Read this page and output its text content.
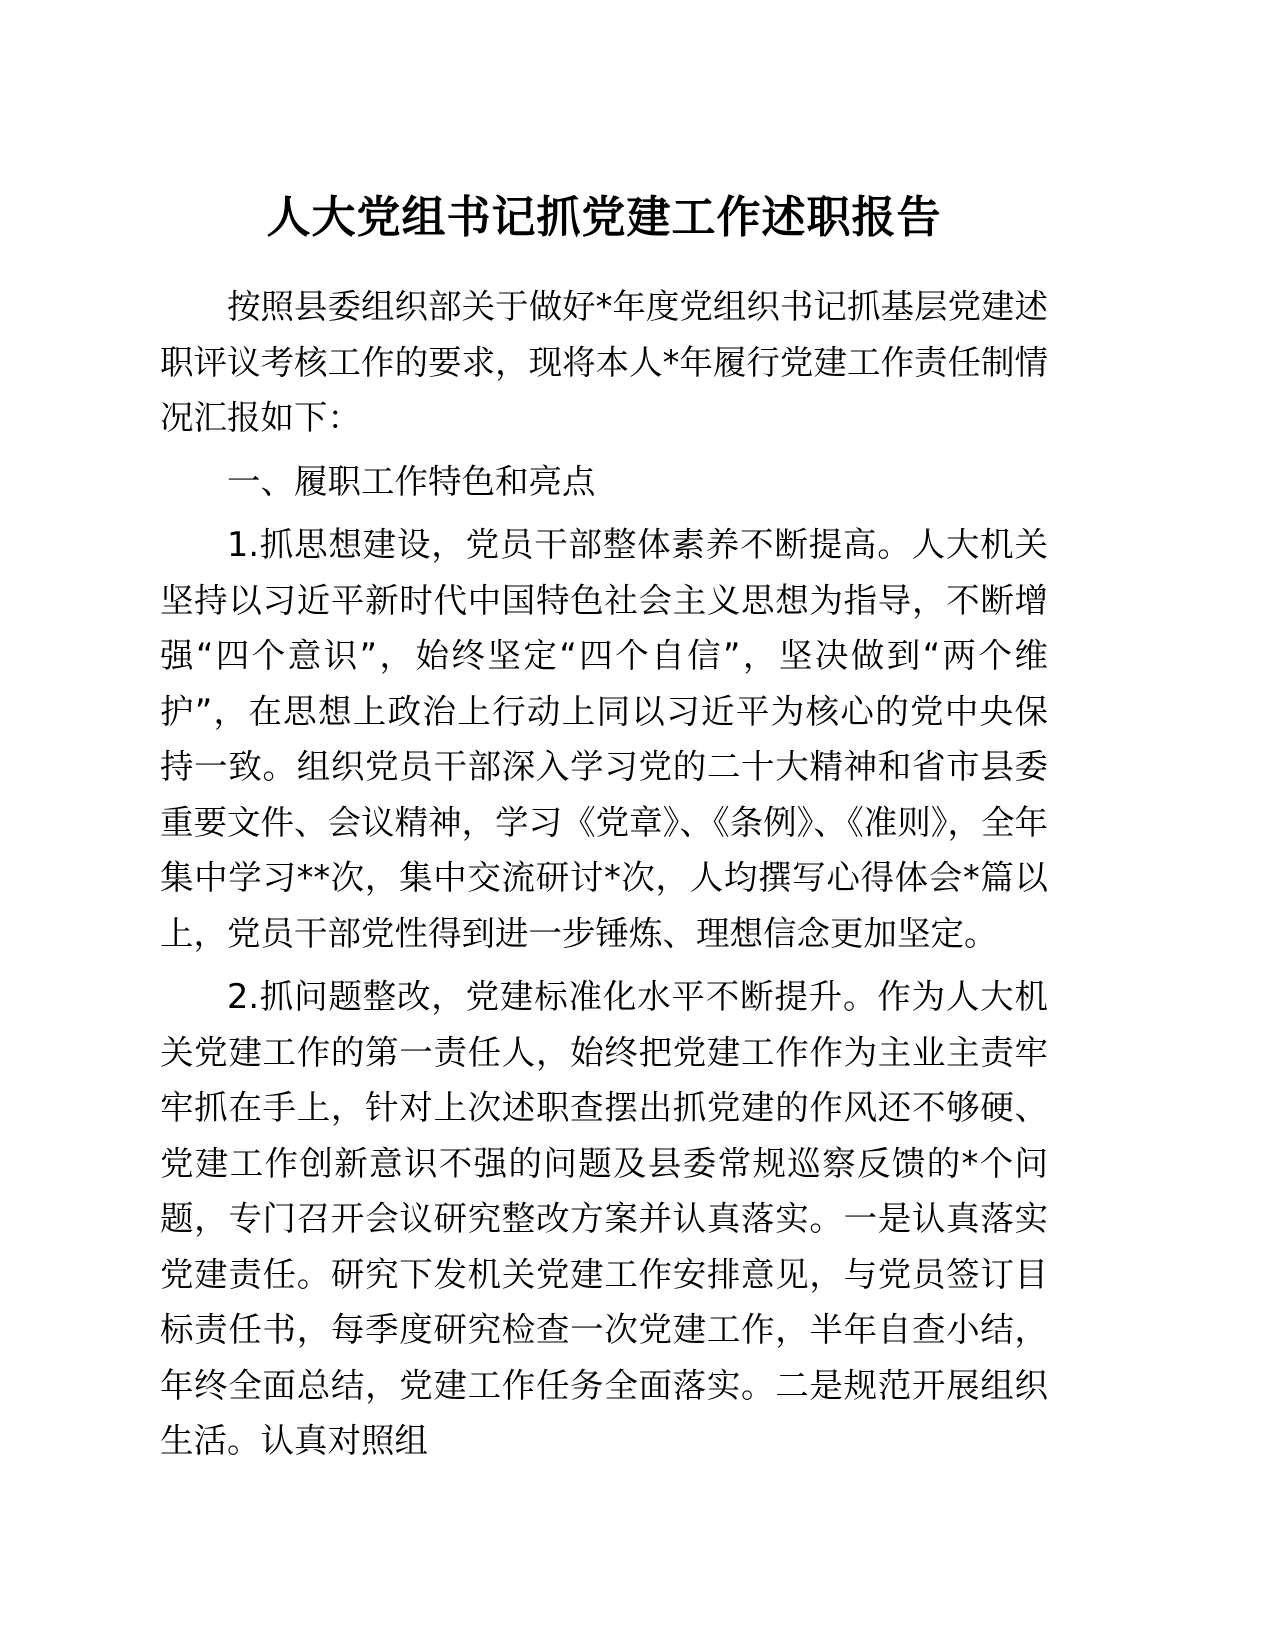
人大党组书记抓党建工作述职报告

按照县委组织部关于做好*年度党组织书记抓基层党建述职评议考核工作的要求，现将本人*年履行党建工作责任制情况汇报如下：

一、履职工作特色和亮点

1.抓思想建设，党员干部整体素养不断提高。人大机关坚持以习近平新时代中国特色社会主义思想为指导，不断增强“四个意识”，始终坚定“四个自信”，坚决做到“两个维护”，在思想上政治上行动上同以习近平为核心的党中央保持一致。组织党员干部深入学习党的二十大精神和省市县委重要文件、会议精神，学习《党章》、《条例》、《准则》，全年集中学习**次，集中交流研讨*次，人均撰写心得体会*篇以上，党员干部党性得到进一步锤炼、理想信念更加坚定。

2.抓问题整改，党建标准化水平不断提升。作为人大机关党建工作的第一责任人，始终把党建工作作为主业主责牢牢抓在手上，针对上次述职查摆出抓党建的作风还不够硬、党建工作创新意识不强的问题及县委常规巡察反馈的*个问题，专门召开会议研究整改方案并认真落实。一是认真落实党建责任。研究下发机关党建工作安排意见，与党员签订目标责任书，每季度研究检查一次党建工作，半年自查小结，年终全面总结，党建工作任务全面落实。二是规范开展组织生活。认真对照组
